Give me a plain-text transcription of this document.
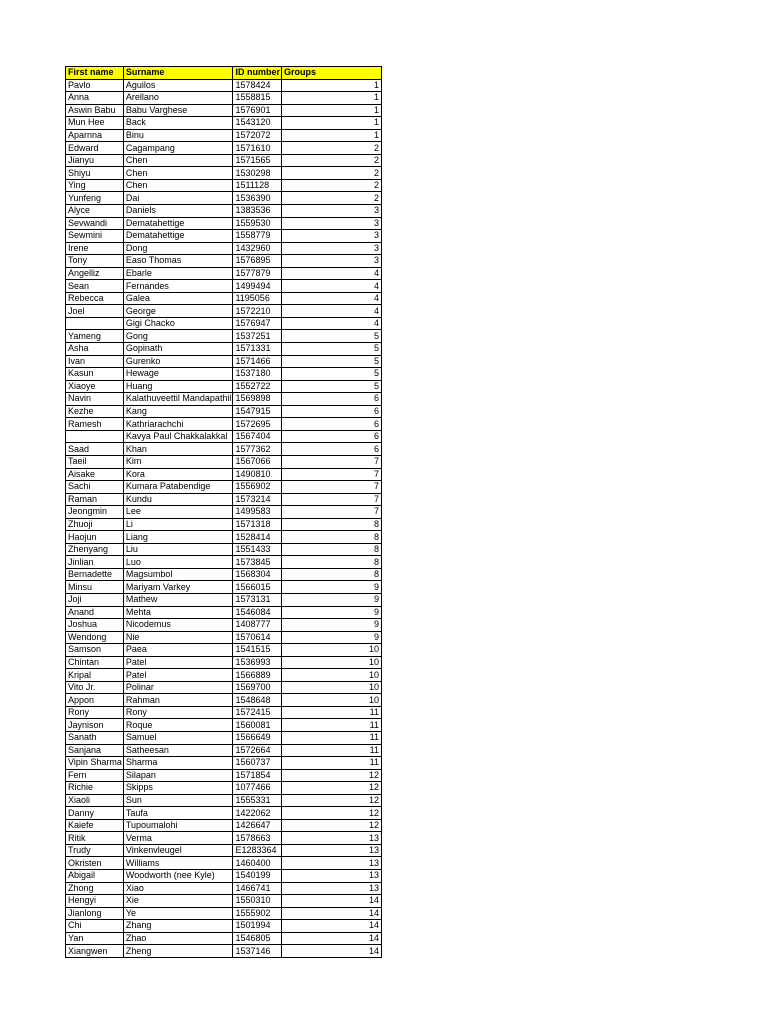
First name	Surname	ID number	Groups
Pavlo	Aguilos	1578424	1
Anna	Arellano	1558815	1
Aswin Babu	Babu Varghese	1576901	1
Mun Hee	Back	1543120	1
Aparnna	Binu	1572072	1
Edward	Cagampang	1571610	2
Jianyu	Chen	1571565	2
Shiyu	Chen	1530298	2
Ying	Chen	1511128	2
Yunfeng	Dai	1536390	2
Alyce	Daniels	1383536	3
Sevwandi	Dematahettige	1559530	3
Sewmini	Dematahettige	1558779	3
Irene	Dong	1432960	3
Tony	Easo Thomas	1576895	3
Angelliz	Ebarle	1577879	4
Sean	Fernandes	1499494	4
Rebecca	Galea	1195056	4
Joel	George	1572210	4
	Gigi Chacko	1576947	4
Yameng	Gong	1537251	5
Asha	Gopinath	1571331	5
Ivan	Gurenko	1571466	5
Kasun	Hewage	1537180	5
Xiaoye	Huang	1552722	5
Navin	Kalathuveettil Mandapathil	1569898	6
Kezhe	Kang	1547915	6
Ramesh	Kathriarachchi	1572695	6
	Kavya Paul Chakkalakkal	1567404	6
Saad	Khan	1577362	6
Taeil	Kim	1567066	7
Aisake	Kora	1490810	7
Sachi	Kumara Patabendige	1556902	7
Raman	Kundu	1573214	7
Jeongmin	Lee	1499583	7
Zhuoji	Li	1571318	8
Haojun	Liang	1528414	8
Zhenyang	Liu	1551433	8
Jinlian	Luo	1573845	8
Bernadette	Magsumbol	1568304	8
Minsu	Mariyam Varkey	1566015	9
Joji	Mathew	1573131	9
Anand	Mehta	1546084	9
Joshua	Nicodemus	1408777	9
Wendong	Nie	1570614	9
Samson	Paea	1541515	10
Chintan	Patel	1536993	10
Kripal	Patel	1566889	10
Vito Jr.	Polinar	1569700	10
Appon	Rahman	1548648	10
Rony	Rony	1572415	11
Jaynison	Roque	1560081	11
Sanath	Samuel	1566649	11
Sanjana	Satheesan	1572664	11
Vipin Sharma	Sharma	1560737	11
Fern	Silapan	1571854	12
Richie	Skipps	1077466	12
Xiaoli	Sun	1555331	12
Danny	Taufa	1422062	12
Kaiefe	Tupoumalohi	1426647	12
Ritik	Verma	1578663	13
Trudy	Vinkenvleugel	E1283364	13
Okristen	Williams	1460400	13
Abigail	Woodworth (nee Kyle)	1540199	13
Zhong	Xiao	1466741	13
Hengyi	Xie	1550310	14
Jianlong	Ye	1555902	14
Chi	Zhang	1501994	14
Yan	Zhao	1546805	14
Xiangwen	Zheng	1537146	14
